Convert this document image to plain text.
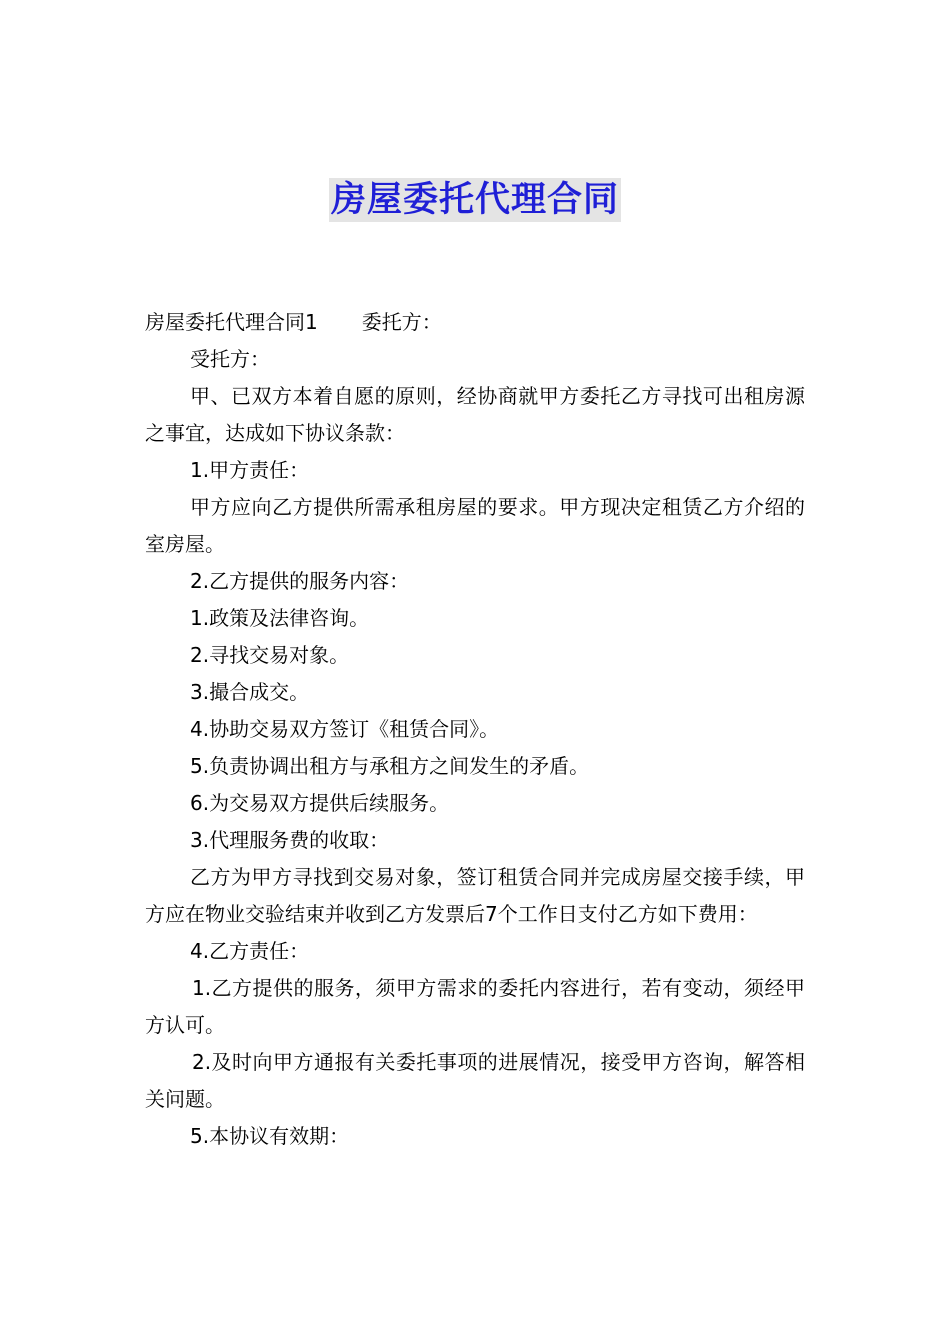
房屋委托代理合同

房屋委托代理合同1 委托方：

受托方：

甲、已双方本着自愿的原则，经协商就甲方委托乙方寻找可出租房源之事宜，达成如下协议条款：

1.甲方责任：

甲方应向乙方提供所需承租房屋的要求。甲方现决定租赁乙方介绍的室房屋。

2.乙方提供的服务内容：

1.政策及法律咨询。

2.寻找交易对象。

3.撮合成交。

4.协助交易双方签订《租赁合同》。

5.负责协调出租方与承租方之间发生的矛盾。

6.为交易双方提供后续服务。

3.代理服务费的收取：

乙方为甲方寻找到交易对象，签订租赁合同并完成房屋交接手续，甲方应在物业交验结束并收到乙方发票后7个工作日支付乙方如下费用：

4.乙方责任：

1.乙方提供的服务，须甲方需求的委托内容进行，若有变动，须经甲方认可。

2.及时向甲方通报有关委托事项的进展情况，接受甲方咨询，解答相关问题。

5.本协议有效期：
